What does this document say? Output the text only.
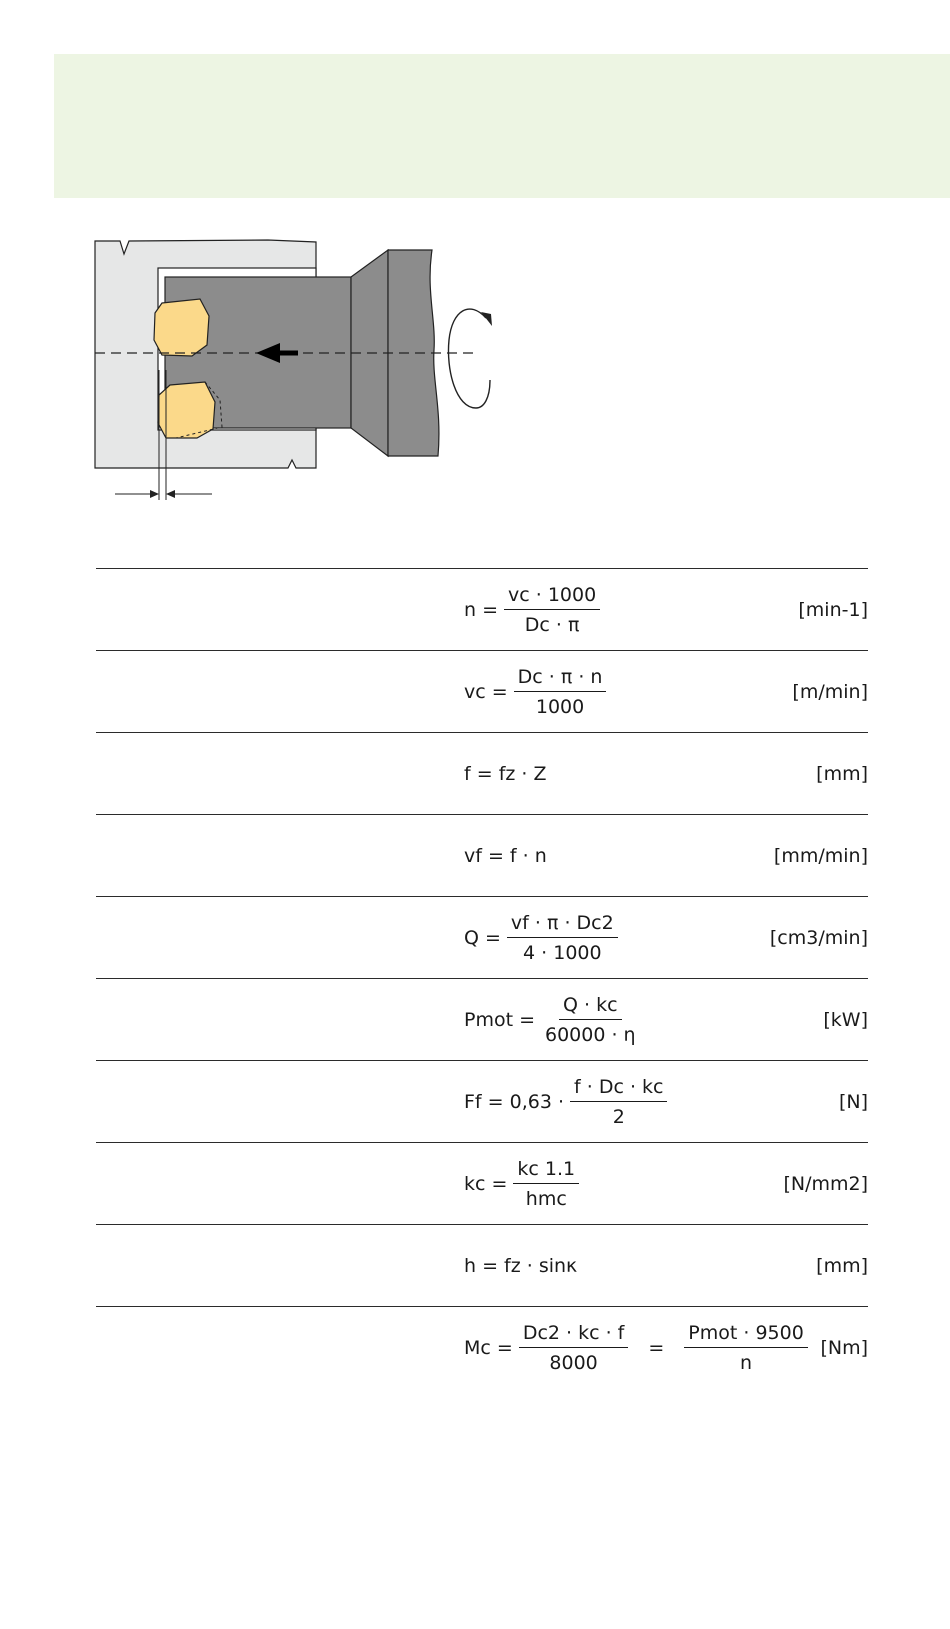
$n = \frac{vc \cdot 1000}{Dc \cdot \pi}$	[min-1]
vc = $\frac{Dc \cdot \pi \cdot n}{1000}$	[m/min]
f = fz · Z	[mm]
vf = f · n	[mm/min]
$Q = \frac{vf \cdot \pi \cdot Dc2}{4 \cdot 1000}$	[cm3/min]
Pmot = $\frac{Q \cdot kc}{60000 \cdot \eta}$	[kW]
$Ff = 0,63 \cdot \frac{f \cdot Dc \cdot kc}{2}$	[N]
kc = $\frac{kc 1.1}{\text{hmc}}$	[N/mm2]
h = fz · sinκ	[mm]
$Mc = \frac{Dc2 \cdot kc \cdot f}{8000} = \frac{\text{Pmot · 9500}}{n} [Nm]$
